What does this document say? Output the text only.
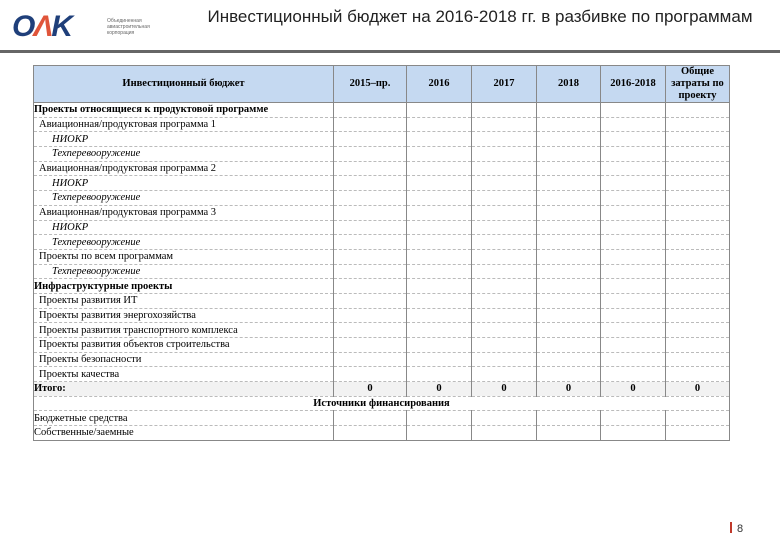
OΛK	Объединенная авиастроительная корпорация
Инвестиционный бюджет на 2016-2018 гг. в разбивке по программам
Инвестиционный бюджет	2015–пр.	2016	2017	2018	2016-2018	Общие затраты по проекту
Проекты относящиеся к продуктовой программе						
Авиационная/продуктовая программа 1						
НИОКР						
Техперевооружение						
Авиационная/продуктовая программа 2						
НИОКР						
Техперевооружение						
Авиационная/продуктовая программа 3						
НИОКР						
Техперевооружение						
Проекты по всем программам						
Техперевооружение						
Инфраструктурные проекты						
Проекты развития ИТ						
Проекты развития энергохозяйства						
Проекты развития транспортного комплекса						
Проекты развития объектов строительства						
Проекты безопасности						
Проекты качества						
Итого:	0	0	0	0	0	0
Источники финансирования						
Бюджетные средства						
Собственные/заемные						
8
